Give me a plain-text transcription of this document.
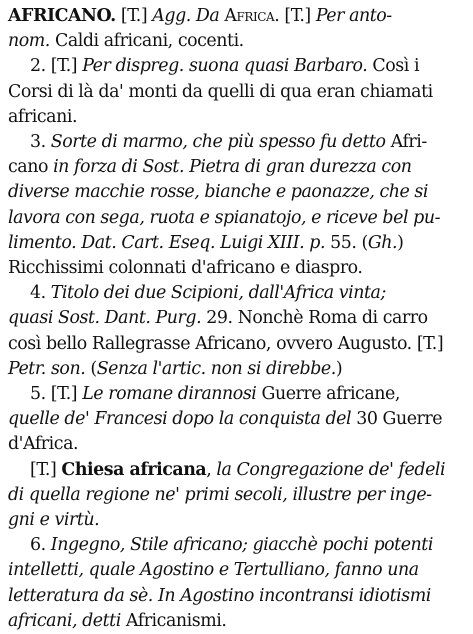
AFRICANO. [T.] Agg. Da Africa. [T.] Per anto-
nom. Caldi africani, cocenti.
2. [T.] Per dispreg. suona quasi Barbaro. Così i
Corsi di là da' monti da quelli di qua eran chiamati
africani.
3. Sorte di marmo, che più spesso fu detto Afri-
cano in forza di Sost. Pietra di gran durezza con
diverse macchie rosse, bianche e paonazze, che si
lavora con sega, ruota e spianatojo, e riceve bel pu-
limento. Dat. Cart. Eseq. Luigi XIII. p. 55. (Gh.)
Ricchissimi colonnati d'africano e diaspro.
4. Titolo dei due Scipioni, dall'Africa vinta;
quasi Sost. Dant. Purg. 29. Nonchè Roma di carro
così bello Rallegrasse Africano, ovvero Augusto. [T.]
Petr. son. (Senza l'artic. non si direbbe.)
5. [T.] Le romane dirannosi Guerre africane,
quelle de' Francesi dopo la conquista del 30 Guerre
d'Africa.
[T.] Chiesa africana, la Congregazione de' fedeli
di quella regione ne' primi secoli, illustre per inge-
gni e virtù.
6. Ingegno, Stile africano; giacchè pochi potenti
intelletti, quale Agostino e Tertulliano, fanno una
letteratura da sè. In Agostino incontransi idiotismi
africani, detti Africanismi.
